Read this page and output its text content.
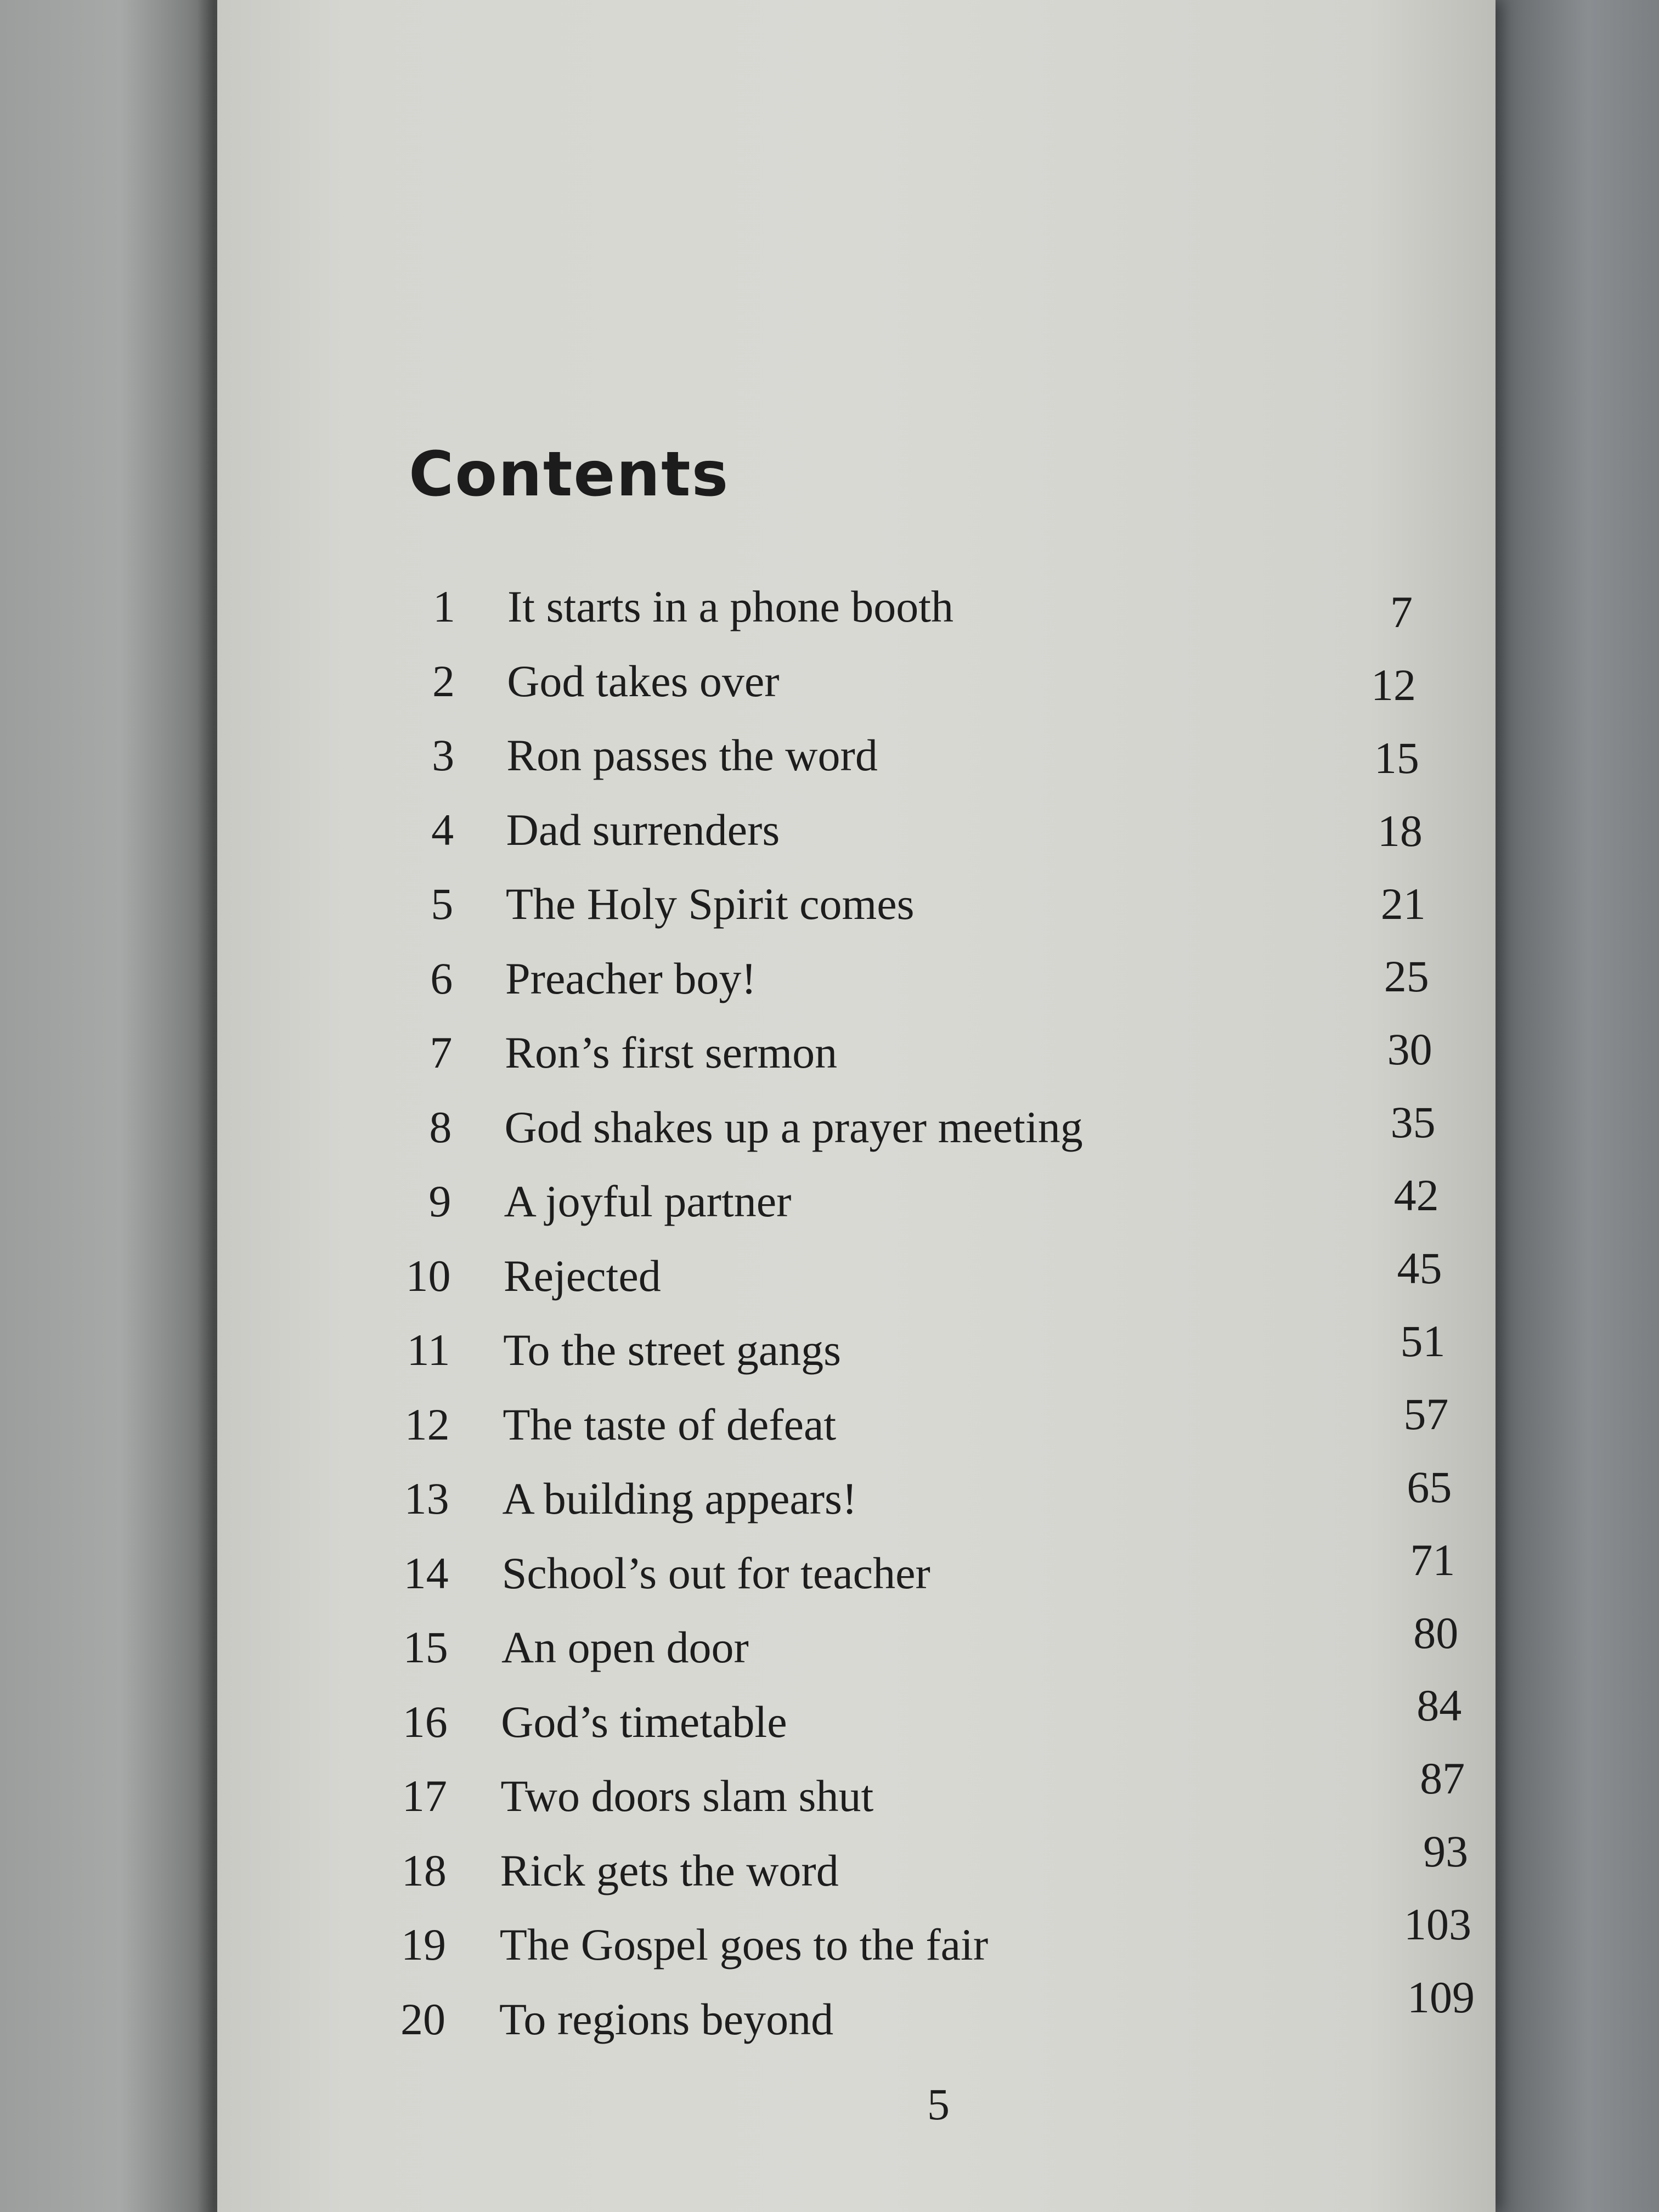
Contents
1 It starts in a phone booth	7
2 God takes over	12
3 Ron passes the word	15
4 Dad surrenders	18
5 The Holy Spirit comes	21
6 Preacher boy!	25
7 Ron’s first sermon	30
8 God shakes up a prayer meeting	35
9 A joyful partner	42
10 Rejected	45
11 To the street gangs	51
12 The taste of defeat	57
13 A building appears!	65
14 School’s out for teacher	71
15 An open door	80
16 God’s timetable	84
17 Two doors slam shut	87
18 Rick gets the word	93
19 The Gospel goes to the fair	103
20 To regions beyond	109
5
